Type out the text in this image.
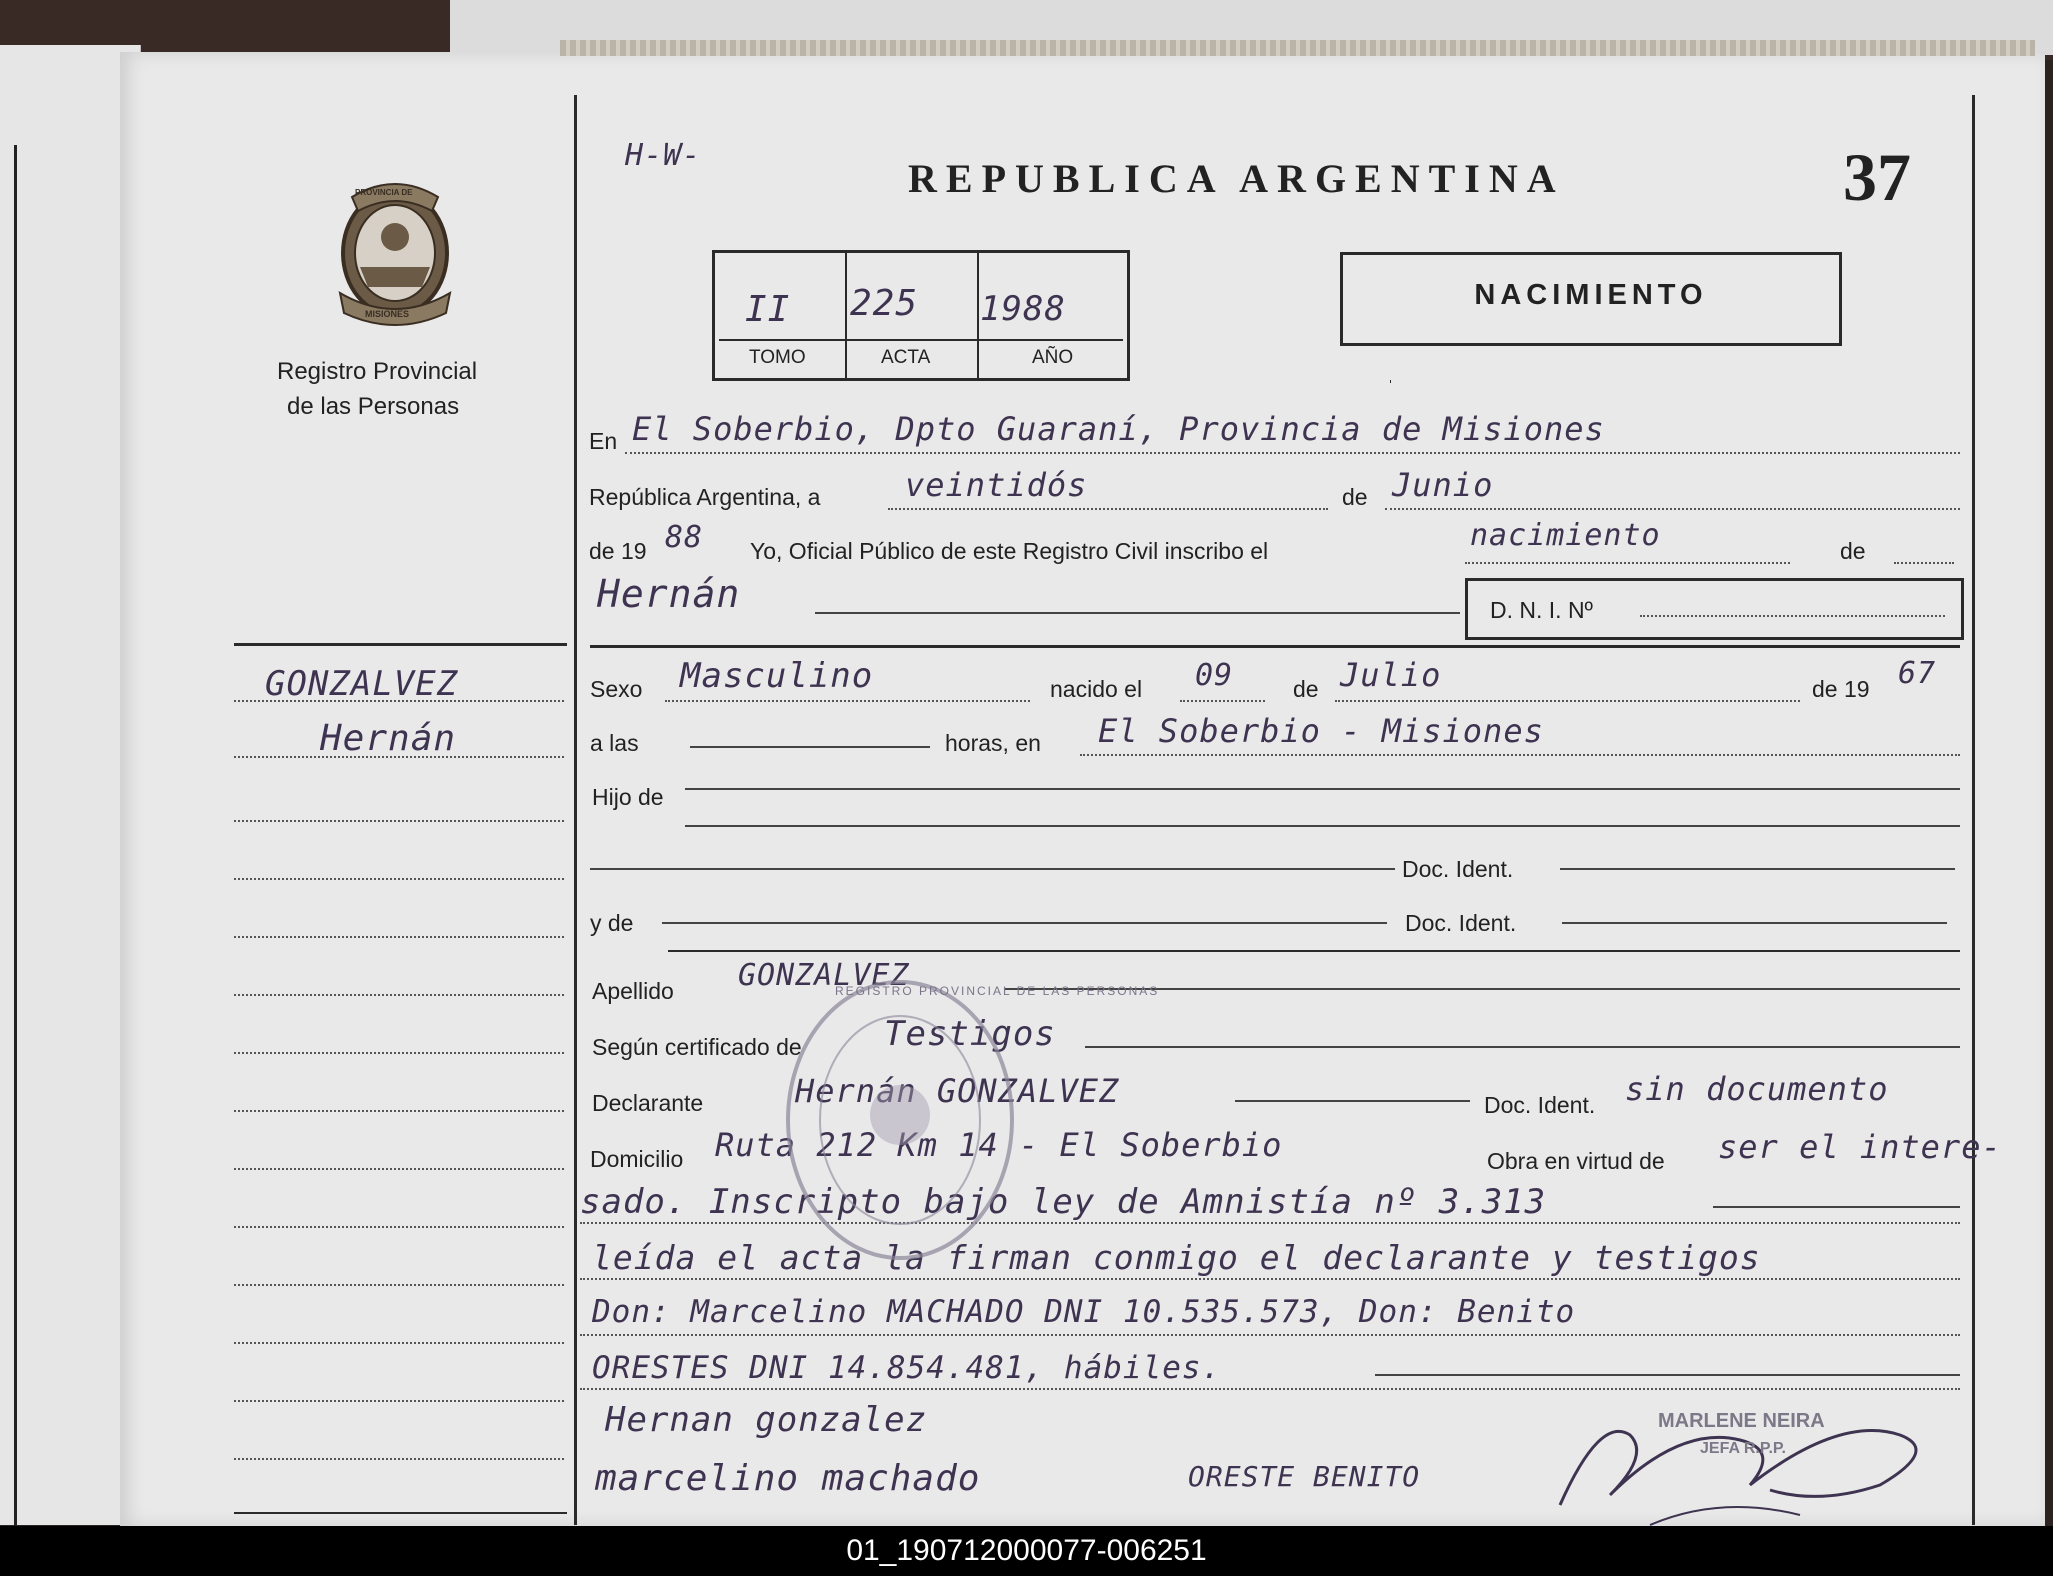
H-W-
REPUBLICA ARGENTINA	37
NACIMIENTO
PROVINCIA DE
MISIONES
Registro Provincial
de las Personas
II 225 1988
TOMO	ACTA	AÑO
GONZALVEZ
Hernán
En El Soberbio, Dpto Guaraní, Provincia de Misiones
República Argentina, a	veintidós	de Junio
de 19 88 Yo, Oficial Público de este Registro Civil inscribo el	nacimiento	de
Hernán	D. N. I. Nº
Sexo Masculino	nacido el 09	de Julio	de 19 67
a las	horas, en El Soberbio - Misiones
Hijo de
Doc. Ident.
y de	Doc. Ident.
Apellido GONZALVEZ
Según certificado de Testigos
Declarante	Hernán GONZALVEZ	Doc. Ident. sin documento
Domicilio Ruta 212 Km 14 - El Soberbio	Obra en virtud de ser el intere-
sado. Inscripto bajo ley de Amnistía nº 3.313
leída el acta la firman conmigo el declarante y testigos
Don: Marcelino MACHADO DNI 10.535.573, Don: Benito
ORESTES DNI 14.854.481, hábiles.
Hernan gonzalez
marcelino machado	ORESTE BENITO
REGISTRO PROVINCIAL DE LAS PERSONAS
MARLENE NEIRA
JEFA R.P.P.
01_190712000077-006251
